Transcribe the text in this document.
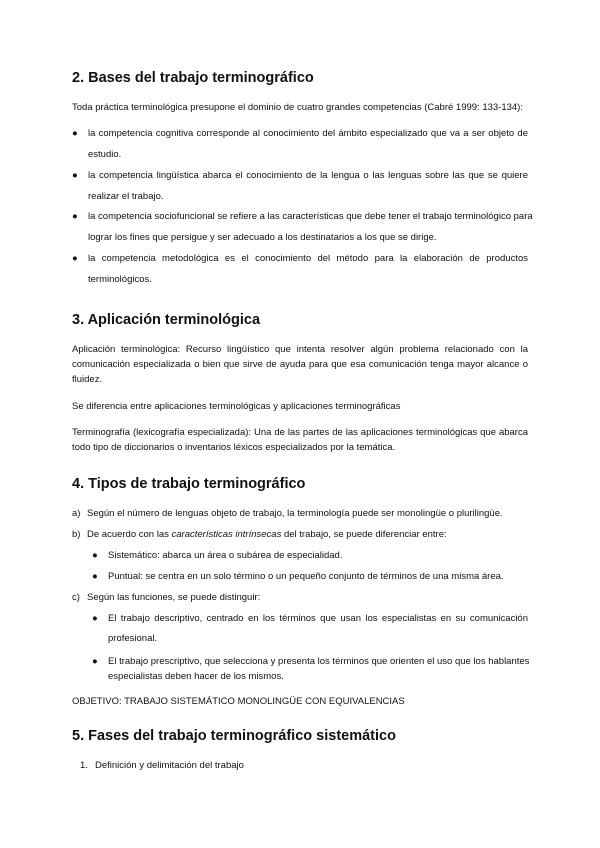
2. Bases del trabajo terminográfico

Toda práctica terminológica presupone el dominio de cuatro grandes competencias (Cabré 1999: 133-134):

● la competencia cognitiva corresponde al conocimiento del ámbito especializado que va a ser objeto de

estudio.

● la competencia lingüística abarca el conocimiento de la lengua o las lenguas sobre las que se quiere

realizar el trabajo.

● la competencia sociofuncional se refiere a las características que debe tener el trabajo terminológico para

lograr los fines que persigue y ser adecuado a los destinatarios a los que se dirige.

● la competencia metodológica es el conocimiento del método para la elaboración de productos

terminológicos.

3. Aplicación terminológica

Aplicación terminológica: Recurso lingüístico que intenta resolver algún problema relacionado con la

comunicación especializada o bien que sirve de ayuda para que esa comunicación tenga mayor alcance o

fluidez.

Se diferencia entre aplicaciones terminológicas y aplicaciones terminográficas

Terminografía (lexicografía especializada): Una de las partes de las aplicaciones terminológicas que abarca

todo tipo de diccionarios o inventarios léxicos especializados por la temática.

4. Tipos de trabajo terminográfico
a) Según el número de lenguas objeto de trabajo, la terminología puede ser monolingüe o plurilingüe.

b) De acuerdo con las características intrínsecas del trabajo, se puede diferenciar entre:

● Sistemático: abarca un área o subárea de especialidad.

● Puntual: se centra en un solo término o un pequeño conjunto de términos de una misma área.

c) Según las funciones, se puede distinguir:

● El trabajo descriptivo, centrado en los términos que usan los especialistas en su comunicación

profesional.

● El trabajo prescriptivo, que selecciona y presenta los términos que orienten el uso que los hablantes

especialistas deben hacer de los mismos.

OBJETIVO: TRABAJO SISTEMÁTICO MONOLINGÜE CON EQUIVALENCIAS

5. Fases del trabajo terminográfico sistemático
1. Definición y delimitación del trabajo
